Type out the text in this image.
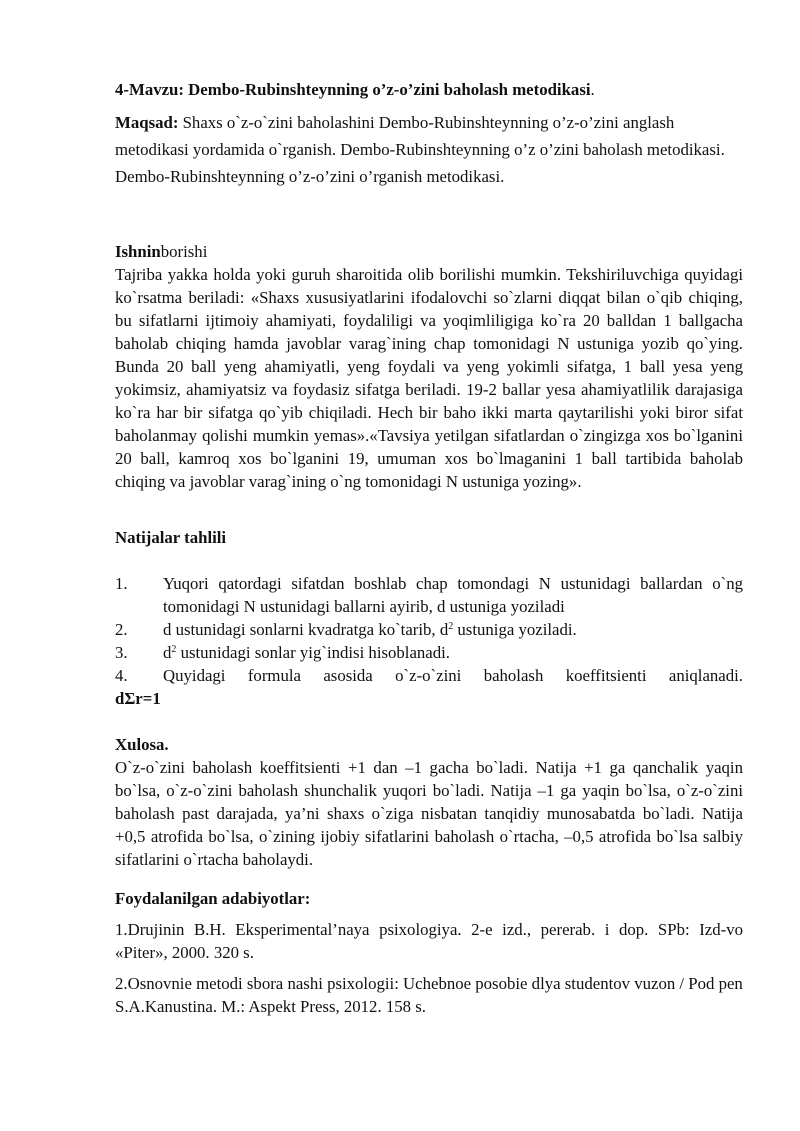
4-Mavzu: Dembo-Rubinshteynning o’z-o’zini baholash metodikasi.

Maqsad: Shaxs o`z-o`zini baholashini Dembo-Rubinshteynning o’z-o’zini anglash metodikasi yordamida o`rganish. Dembo-Rubinshteynning o’z o’zini baholash metodikasi. Dembo-Rubinshteynning o’z-o’zini o’rganish metodikasi.

Ishninborishi

Tajriba yakka holda yoki guruh sharoitida olib borilishi mumkin. Tekshiriluvchiga quyidagi ko`rsatma beriladi: «Shaxs xususiyatlarini ifodalovchi so`zlarni diqqat bilan o`qib chiqing, bu sifatlarni ijtimoiy ahamiyati, foydaliligi va yoqimliligiga ko`ra 20 balldan 1 ballgacha baholab chiqing hamda javoblar varag`ining chap tomonidagi N ustuniga yozib qo`ying. Bunda 20 ball yeng ahamiyatli, yeng foydali va yeng yokimli sifatga, 1 ball yesa yeng yokimsiz, ahamiyatsiz va foydasiz sifatga beriladi. 19-2 ballar yesa ahamiyatlilik darajasiga ko`ra har bir sifatga qo`yib chiqiladi. Hech bir baho ikki marta qaytarilishi yoki biror sifat baholanmay qolishi mumkin yemas».«Tavsiya yetilgan sifatlardan o`zingizga xos bo`lganini 20 ball, kamroq xos bo`lganini 19, umuman xos bo`lmaganini 1 ball tartibida baholab chiqing va javoblar varag`ining o`ng tomonidagi N ustuniga yozing».

Natijalar tahlili

1.	Yuqori qatordagi sifatdan boshlab chap tomondagi N ustunidagi ballardan o`ng tomonidagi N ustunidagi ballarni ayirib, d ustuniga yoziladi
2.	d ustunidagi sonlarni kvadratga ko`tarib, $d^2$ ustuniga yoziladi.
3.	$d^2$ ustunidagi sonlar yig`indisi hisoblanadi.
4.	Quyidagi formula asosida o`z-o`zini baholash koeffitsienti aniqlanadi.

dΣr=1

Xulosa.

O`z-o`zini baholash koeffitsienti +1 dan –1 gacha bo`ladi. Natija +1 ga qanchalik yaqin bo`lsa, o`z-o`zini baholash shunchalik yuqori bo`ladi. Natija –1 ga yaqin bo`lsa, o`z-o`zini baholash past darajada, ya’ni shaxs o`ziga nisbatan tanqidiy munosabatda bo`ladi. Natija +0,5 atrofida bo`lsa, o`zining ijobiy sifatlarini baholash o`rtacha, –0,5 atrofida bo`lsa salbiy sifatlarini o`rtacha baholaydi.

Foydalanilgan adabiyotlar:

1.Drujinin B.H. Eksperimental’naya psixologiya. 2-e izd., pererab. i dop. SPb: Izd-vo «Piter», 2000. 320 s.

2.Osnovnie metodi sbora nashi psixologii: Uchebnoe posobie dlya studentov vuzon / Pod pen S.A.Kanustina. M.: Aspekt Press, 2012. 158 s.
